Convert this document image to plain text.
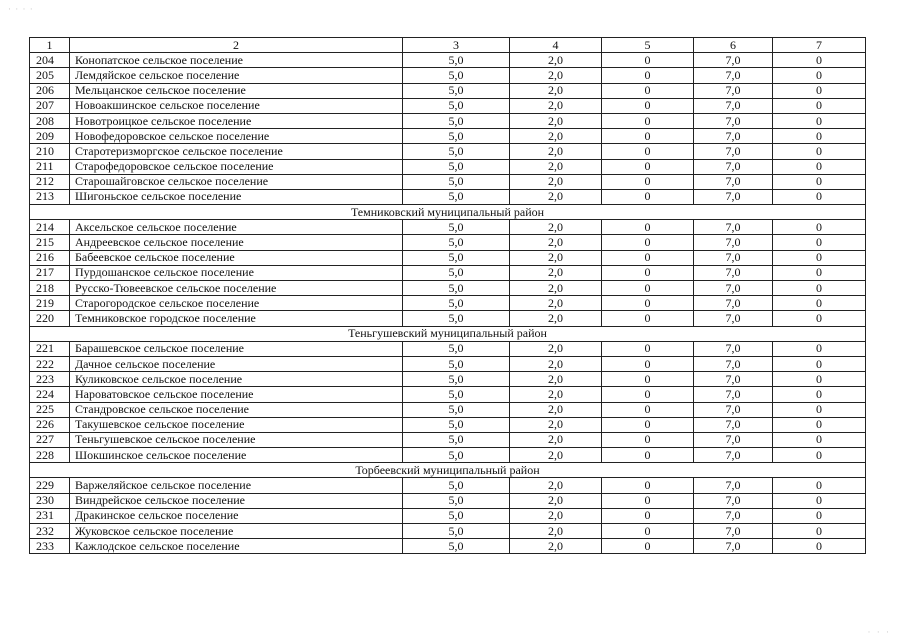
· · · ·
1	2	3	4	5	6	7
204	Конопатское сельское поселение	5,0	2,0	0	7,0	0
205	Лемдяйское сельское поселение	5,0	2,0	0	7,0	0
206	Мельцанское сельское поселение	5,0	2,0	0	7,0	0
207	Новоакшинское сельское поселение	5,0	2,0	0	7,0	0
208	Новотроицкое сельское поселение	5,0	2,0	0	7,0	0
209	Новофедоровское сельское поселение	5,0	2,0	0	7,0	0
210	Старотеризморгское сельское поселение	5,0	2,0	0	7,0	0
211	Старофедоровское сельское поселение	5,0	2,0	0	7,0	0
212	Старошайговское сельское поселение	5,0	2,0	0	7,0	0
213	Шигоньское сельское поселение	5,0	2,0	0	7,0	0
Темниковский муниципальный район						
214	Аксельское сельское поселение	5,0	2,0	0	7,0	0
215	Андреевское сельское поселение	5,0	2,0	0	7,0	0
216	Бабеевское сельское поселение	5,0	2,0	0	7,0	0
217	Пурдошанское сельское поселение	5,0	2,0	0	7,0	0
218	Русско-Тювеевское сельское поселение	5,0	2,0	0	7,0	0
219	Старогородское сельское поселение	5,0	2,0	0	7,0	0
220	Темниковское городское поселение	5,0	2,0	0	7,0	0
Теньгушевский муниципальный район						
221	Барашевское сельское поселение	5,0	2,0	0	7,0	0
222	Дачное сельское поселение	5,0	2,0	0	7,0	0
223	Куликовское сельское поселение	5,0	2,0	0	7,0	0
224	Нароватовское сельское поселение	5,0	2,0	0	7,0	0
225	Стандровское сельское поселение	5,0	2,0	0	7,0	0
226	Такушевское сельское поселение	5,0	2,0	0	7,0	0
227	Теньгушевское сельское поселение	5,0	2,0	0	7,0	0
228	Шокшинское сельское поселение	5,0	2,0	0	7,0	0
Торбеевский муниципальный район						
229	Варжеляйское сельское поселение	5,0	2,0	0	7,0	0
230	Виндрейское сельское поселение	5,0	2,0	0	7,0	0
231	Дракинское сельское поселение	5,0	2,0	0	7,0	0
232	Жуковское сельское поселение	5,0	2,0	0	7,0	0
233	Кажлодское сельское поселение	5,0	2,0	0	7,0	0
· · ·
